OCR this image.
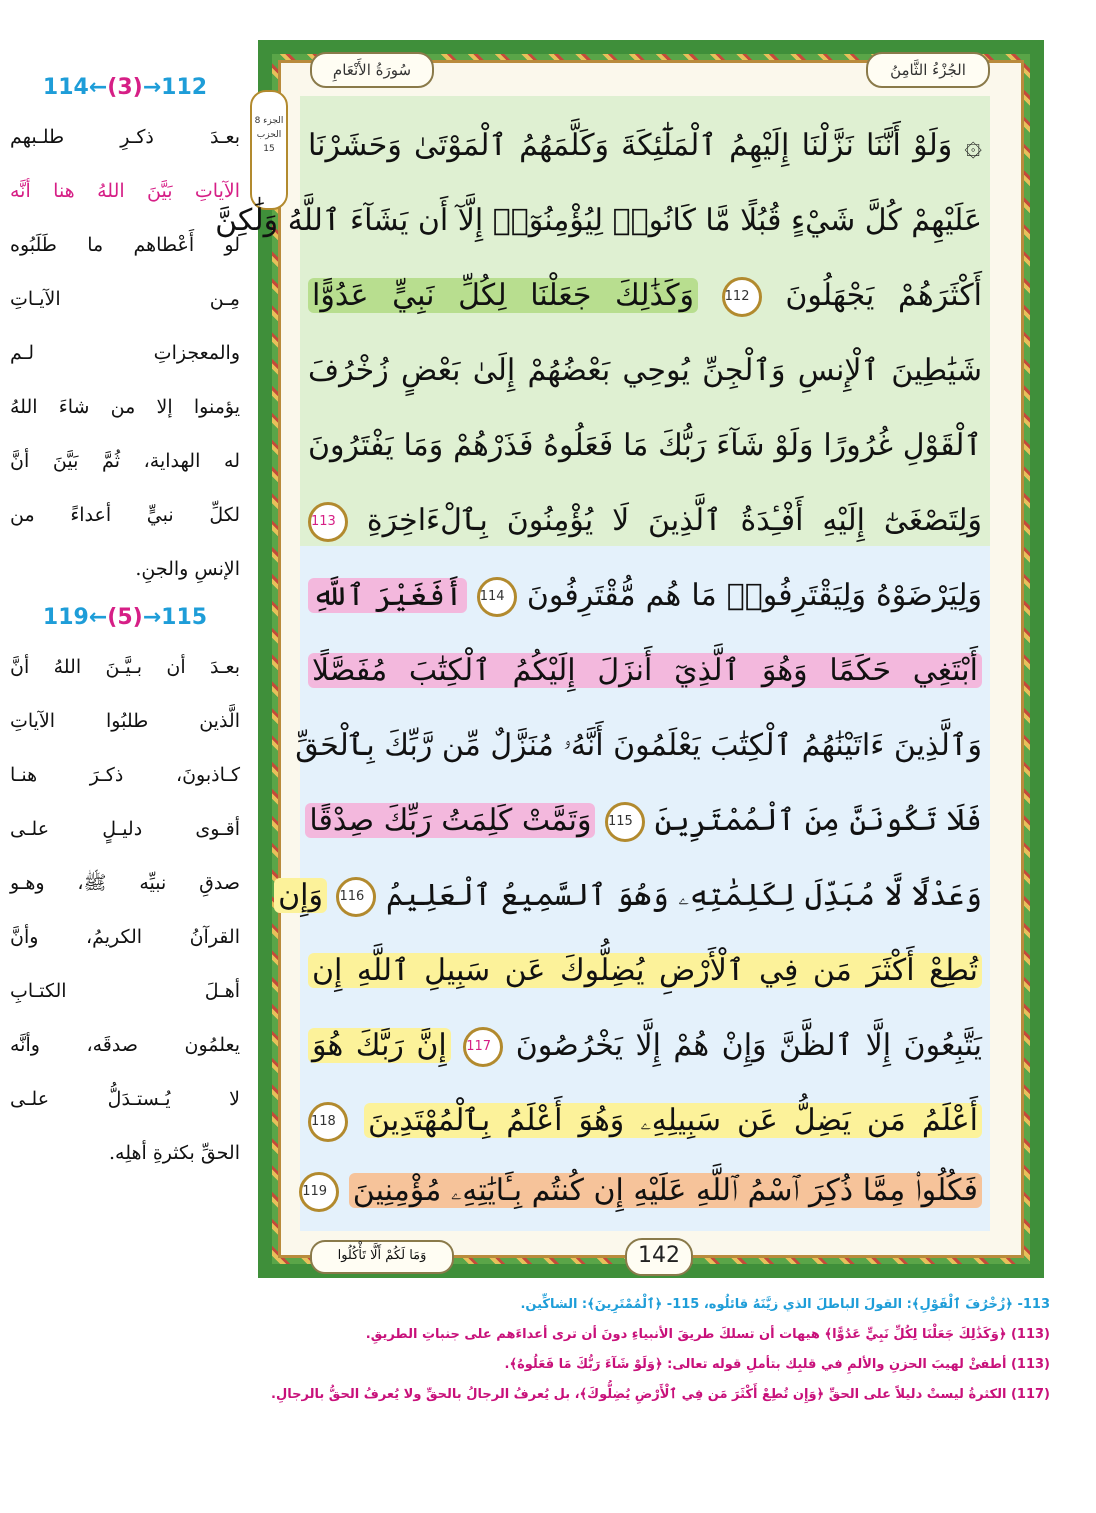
الجُزْءُ الثَّامِنُ
سُورَةُ الأَنْعَامِ
الجزء 8
الحزب 15	۞ وَلَوْ أَنَّنَا نَزَّلْنَا إِلَيْهِمُ ٱلْمَلَٰٓئِكَةَ وَكَلَّمَهُمُ ٱلْمَوْتَىٰ وَحَشَرْنَا
عَلَيْهِمْ كُلَّ شَيْءٍ قُبُلًا مَّا كَانُوا۟ لِيُؤْمِنُوٓا۟ إِلَّآ أَن يَشَآءَ ٱللَّهُ وَلَٰكِنَّ
أَكْثَرَهُمْ يَجْهَلُونَ 112 وَكَذَٰلِكَ جَعَلْنَا لِكُلِّ نَبِيٍّ عَدُوًّا
شَيَٰطِينَ ٱلْإِنسِ وَٱلْجِنِّ يُوحِي بَعْضُهُمْ إِلَىٰ بَعْضٍ زُخْرُفَ
ٱلْقَوْلِ غُرُورًا وَلَوْ شَآءَ رَبُّكَ مَا فَعَلُوهُ فَذَرْهُمْ وَمَا يَفْتَرُونَ
وَلِتَصْغَىٰٓ إِلَيْهِ أَفْـِٔدَةُ ٱلَّذِينَ لَا يُؤْمِنُونَ بِٱلْءَاخِرَةِ 113
وَلِيَرْضَوْهُ وَلِيَقْتَرِفُوا۟ مَا هُم مُّقْتَرِفُونَ 114 أَفَغَيْرَ ٱللَّهِ
أَبْتَغِي حَكَمًا وَهُوَ ٱلَّذِيٓ أَنزَلَ إِلَيْكُمُ ٱلْكِتَٰبَ مُفَصَّلًا
وَٱلَّذِينَ ءَاتَيْنَٰهُمُ ٱلْكِتَٰبَ يَعْلَمُونَ أَنَّهُۥ مُنَزَّلٌ مِّن رَّبِّكَ بِٱلْحَقِّ
فَلَا تَكُونَنَّ مِنَ ٱلْمُمْتَرِينَ 115 وَتَمَّتْ كَلِمَتُ رَبِّكَ صِدْقًا
وَعَدْلًا لَّا مُبَدِّلَ لِكَلِمَٰتِهِۦ وَهُوَ ٱلسَّمِيعُ ٱلْعَلِيمُ 116 وَإِن
تُطِعْ أَكْثَرَ مَن فِي ٱلْأَرْضِ يُضِلُّوكَ عَن سَبِيلِ ٱللَّهِ إِن
يَتَّبِعُونَ إِلَّا ٱلظَّنَّ وَإِنْ هُمْ إِلَّا يَخْرُصُونَ 117 إِنَّ رَبَّكَ هُوَ
أَعْلَمُ مَن يَضِلُّ عَن سَبِيلِهِۦ وَهُوَ أَعْلَمُ بِٱلْمُهْتَدِينَ 118
فَكُلُوا۟ مِمَّا ذُكِرَ ٱسْمُ ٱللَّهِ عَلَيْهِ إِن كُنتُم بِـَٔايَٰتِهِۦ مُؤْمِنِينَ 119
وَمَا لَكُمْ أَلَّا تَأْكُلُوا	142
114←(3)→112
بعـدَ ذكـرِ طلـبهم
الآياتِ بَيَّنَ اللهُ هنا أنَّه
لو أَعْطاهم ما طَلَبُوه
مِـن الآيـاتِ
والمعجزاتِ لـم
يؤمنوا إلا من شاءَ اللهُ
له الهداية، ثُمَّ بَيَّنَ أنَّ
لكلِّ نبيٍّ أعداءً من
الإنسِ والجنِ.
119←(5)→115
بعـدَ أن بـيَّـنَ اللهُ أنَّ
الَّذين طلبُوا الآياتِ
كـاذبونَ، ذكـرَ هنـا
أقـوى دليـلٍ علـى
صدقِ نبيِّه ﷺ، وهـو
القرآنُ الكريمُ، وأنَّ
أهـلَ الكتـابِ
يعلمُون صدقَه، وأنَّه
لا يُـستـدَلُّ علـى
الحقِّ بكثرةِ أهلِه.
113- ﴿زُخْرُفَ ٱلْقَوْلِ﴾: القولَ الباطلَ الذي زيَّنَهُ قائلُوه، 115- ﴿ٱلْمُمْتَرِينَ﴾: الشاكِّين.
(113) ﴿وَكَذَٰلِكَ جَعَلْنَا لِكُلِّ نَبِيٍّ عَدُوًّا﴾ هيهات أن تسلكَ طريقَ الأنبياءِ دونَ أن ترى أعداءَهم على جنباتِ الطريقِ.
(113) أطفئْ لهيبَ الحزنِ والألمِ في قلبِك بتأملِ قوله تعالى: ﴿وَلَوْ شَآءَ رَبُّكَ مَا فَعَلُوهُ﴾.
(117) الكثرةُ ليستْ دليلاً على الحقِّ ﴿وَإِن تُطِعْ أَكْثَرَ مَن فِي ٱلْأَرْضِ يُضِلُّوكَ﴾، بل يُعرفُ الرجالُ بالحقِّ ولا يُعرفُ الحقُّ بالرجالِ.
